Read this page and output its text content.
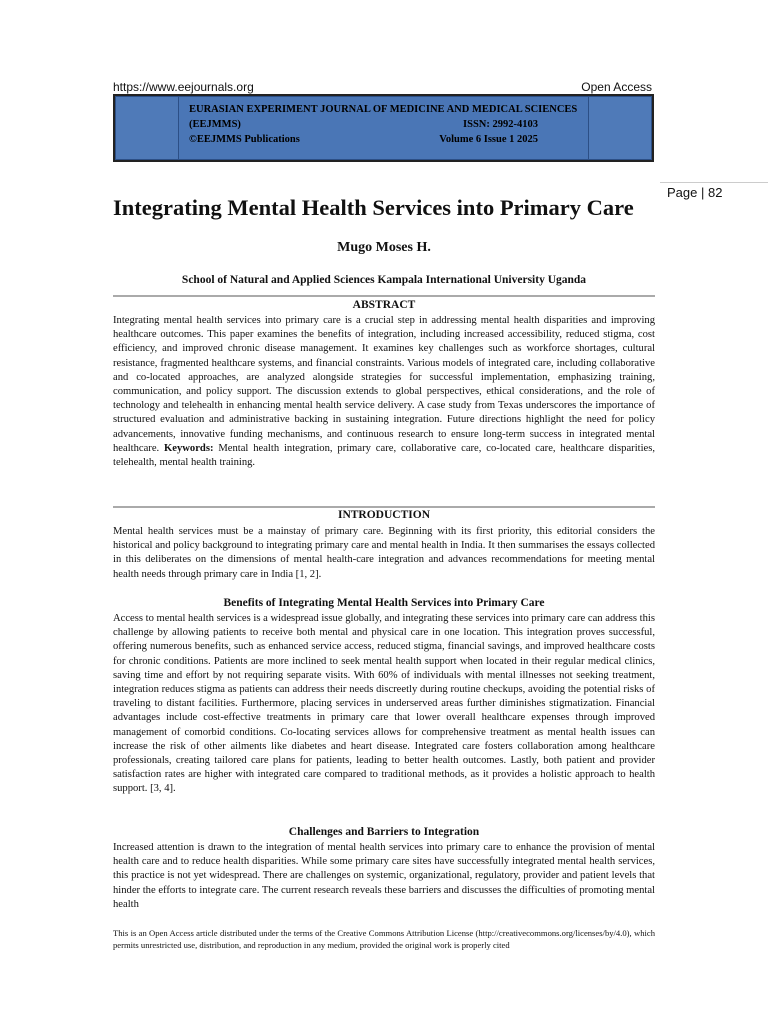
https://www.eejournals.org	Open Access
EURASIAN EXPERIMENT JOURNAL OF MEDICINE AND MEDICAL SCIENCES
(EEJMMS)	ISSN: 2992-4103
©EEJMMS Publications	Volume 6 Issue 1 2025
Page | 82
Integrating Mental Health Services into Primary Care
Mugo Moses H.
School of Natural and Applied Sciences Kampala International University Uganda
ABSTRACT
Integrating mental health services into primary care is a crucial step in addressing mental health disparities and improving healthcare outcomes. This paper examines the benefits of integration, including increased accessibility, reduced stigma, cost efficiency, and improved chronic disease management. It examines key challenges such as workforce shortages, cultural resistance, fragmented healthcare systems, and financial constraints. Various models of integrated care, including collaborative and co-located approaches, are analyzed alongside strategies for successful implementation, emphasizing training, communication, and policy support. The discussion extends to global perspectives, ethical considerations, and the role of technology and telehealth in enhancing mental health service delivery. A case study from Texas underscores the importance of structured evaluation and administrative backing in sustaining integration. Future directions highlight the need for policy advancements, innovative funding mechanisms, and continuous research to ensure long-term success in integrated mental healthcare. Keywords: Mental health integration, primary care, collaborative care, co-located care, healthcare disparities, telehealth, mental health training.
INTRODUCTION
Mental health services must be a mainstay of primary care. Beginning with its first priority, this editorial considers the historical and policy background to integrating primary care and mental health in India. It then summarises the essays collected in this deliberates on the dimensions of mental health-care integration and advances recommendations for meeting mental health needs through primary care in India [1, 2].
Benefits of Integrating Mental Health Services into Primary Care
Access to mental health services is a widespread issue globally, and integrating these services into primary care can address this challenge by allowing patients to receive both mental and physical care in one location. This integration proves successful, offering numerous benefits, such as enhanced service access, reduced stigma, financial savings, and improved healthcare costs for chronic conditions. Patients are more inclined to seek mental health support when located in their regular medical clinics, saving time and effort by not requiring separate visits. With 60% of individuals with mental illnesses not seeking treatment, integration reduces stigma as patients can address their needs discreetly during routine checkups, avoiding the potential risks of traveling to distant facilities. Furthermore, placing services in underserved areas further diminishes stigmatization. Financial advantages include cost-effective treatments in primary care that lower overall healthcare expenses through improved management of comorbid conditions. Co-locating services allows for comprehensive treatment as mental health issues can increase the risk of other ailments like diabetes and heart disease. Integrated care fosters collaboration among healthcare professionals, creating tailored care plans for patients, leading to better health outcomes. Lastly, both patient and provider satisfaction rates are higher with integrated care compared to traditional methods, as it provides a holistic approach to health support. [3, 4].
Challenges and Barriers to Integration
Increased attention is drawn to the integration of mental health services into primary care to enhance the provision of mental health care and to reduce health disparities. While some primary care sites have successfully integrated mental health services, this practice is not yet widespread. There are challenges on systemic, organizational, regulatory, provider and patient levels that hinder the efforts to integrate care. The current research reveals these barriers and discusses the difficulties of promoting mental health
This is an Open Access article distributed under the terms of the Creative Commons Attribution License (http://creativecommons.org/licenses/by/4.0), which permits unrestricted use, distribution, and reproduction in any medium, provided the original work is properly cited
